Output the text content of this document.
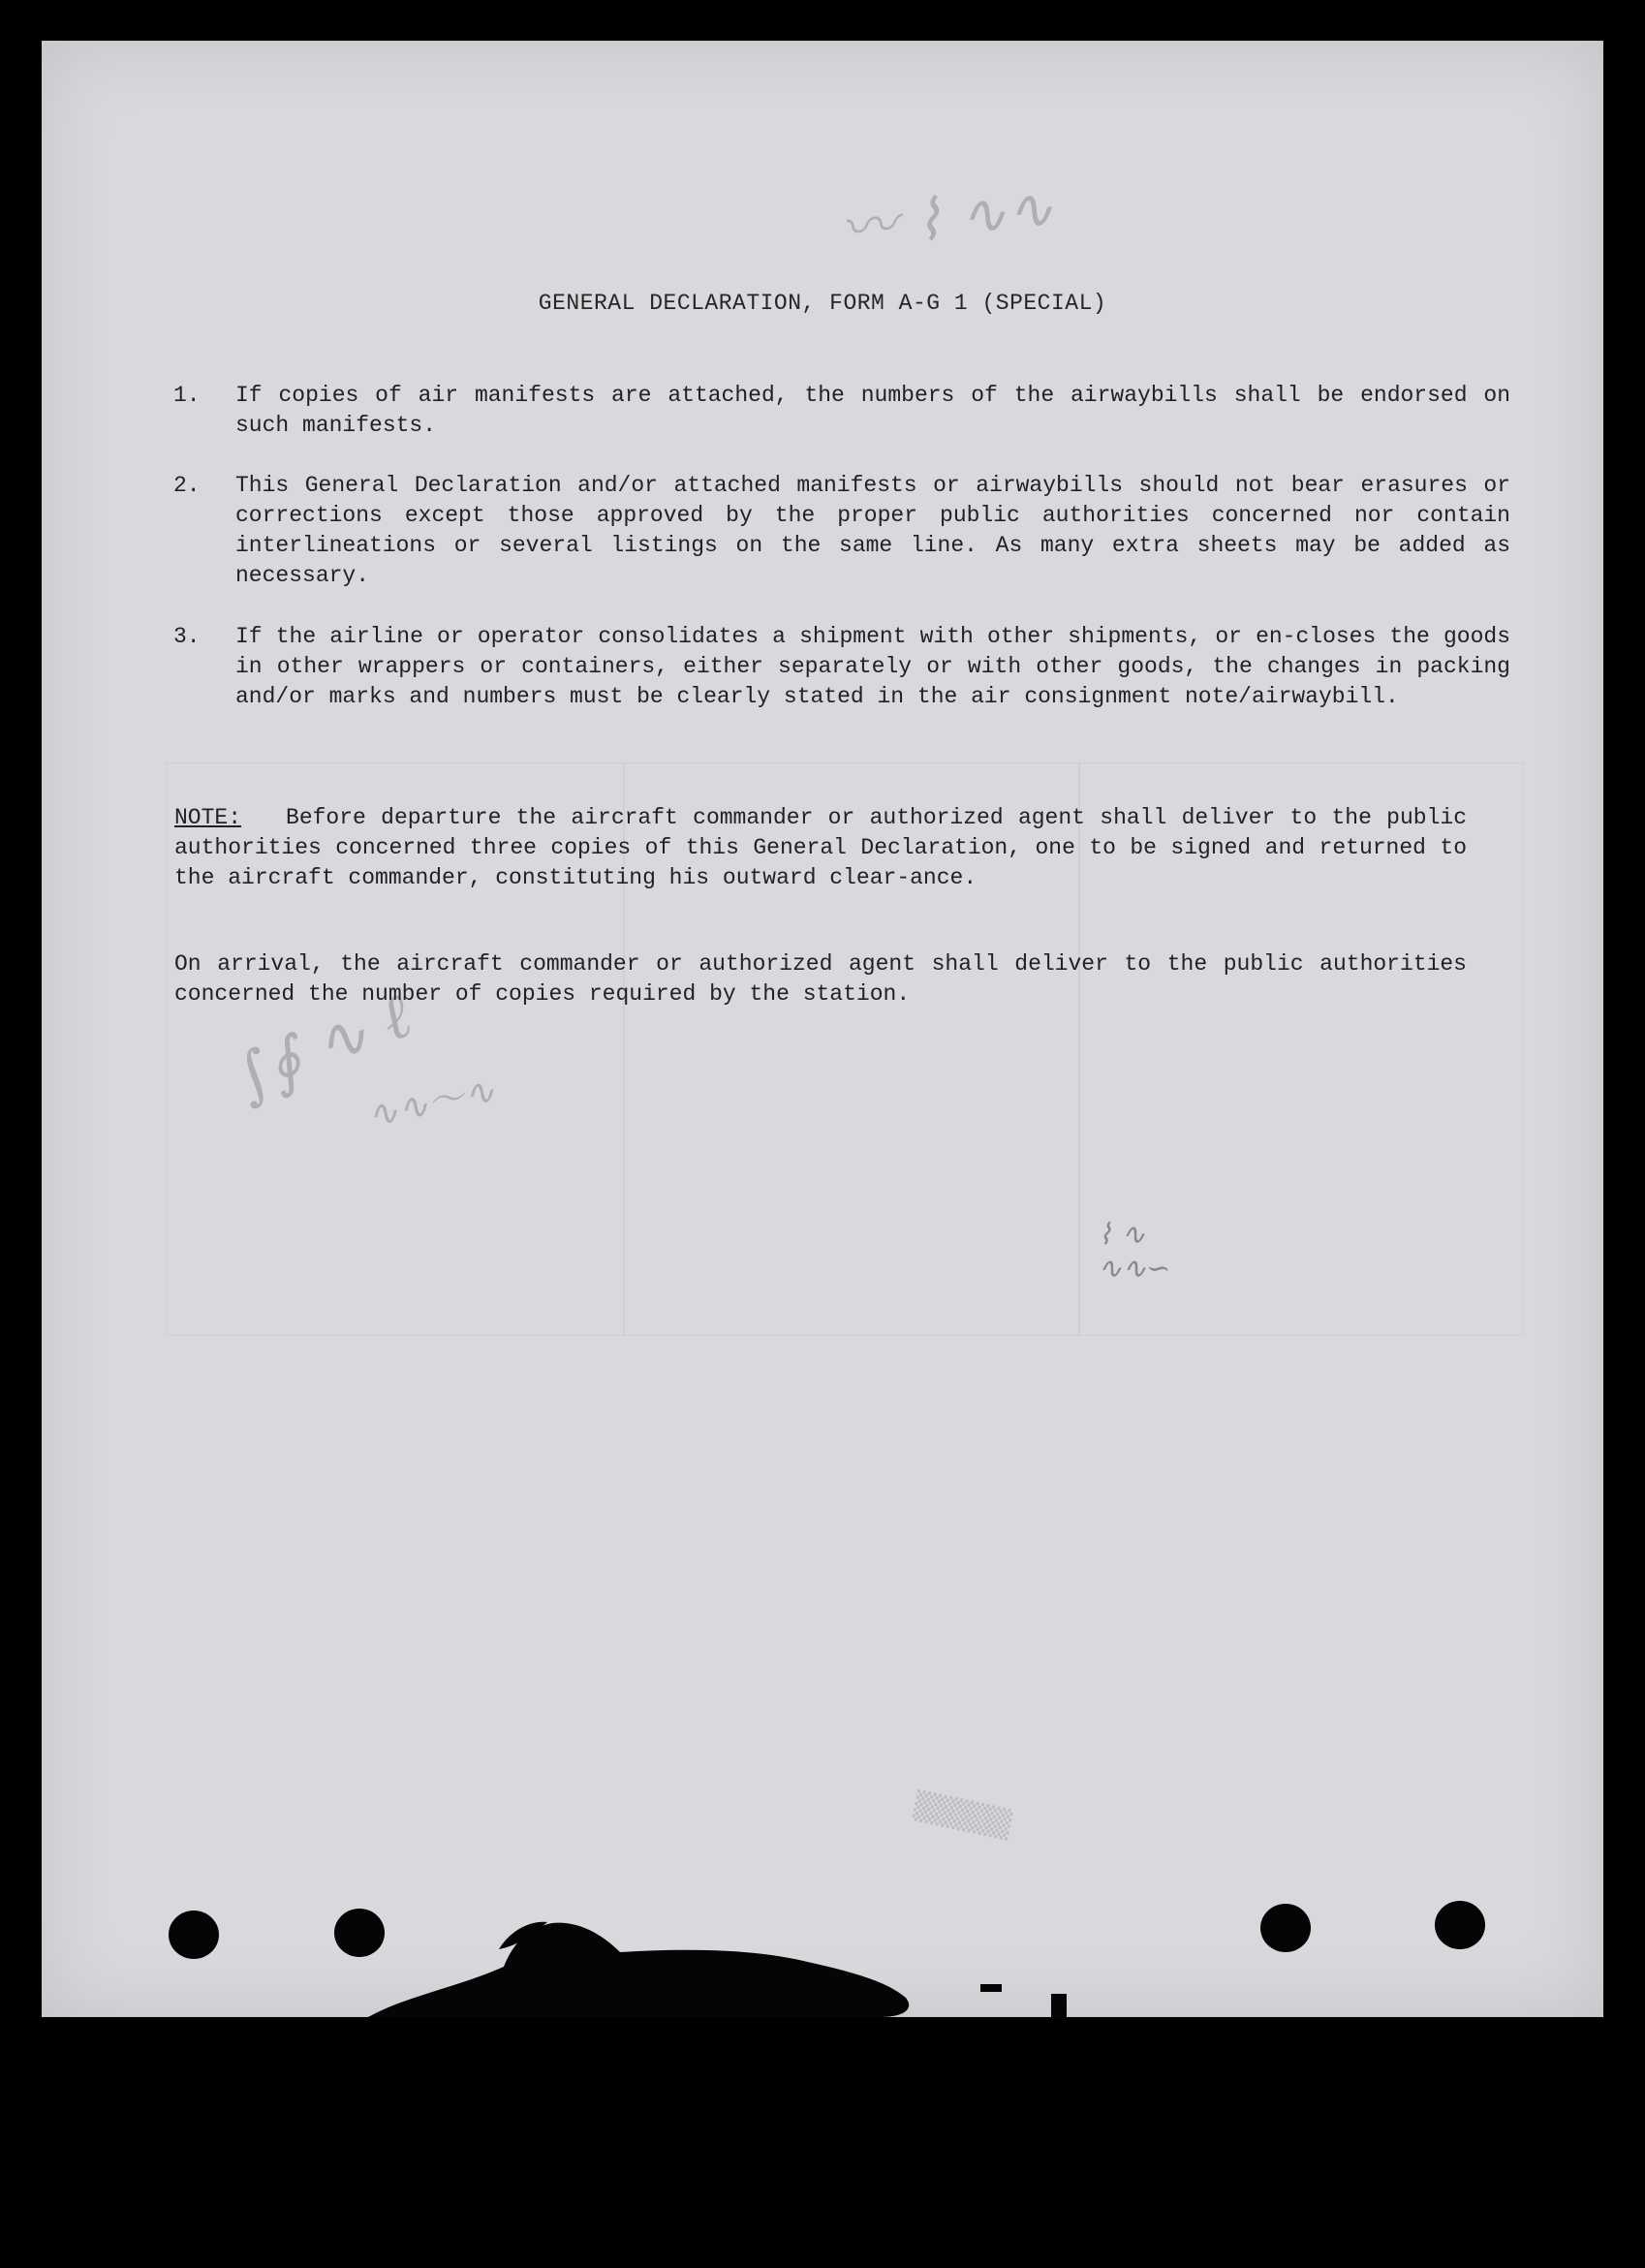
〰︎ ⌇ ∿∿
∫∮ ∿ ℓ
∿∿〜∿
⌇ ∿
∿∿∽
▒▒▒▒▒▒
GENERAL DECLARATION, FORM A-G 1 (SPECIAL)
1.	If copies of air manifests are attached, the numbers of the airwaybills shall be endorsed on such manifests.
2.	This General Declaration and/or attached manifests or airwaybills should not bear erasures or corrections except those approved by the proper public authorities concerned nor contain interlineations or several listings on the same line. As many extra sheets may be added as necessary.
3.	If the airline or operator consolidates a shipment with other shipments, or en-closes the goods in other wrappers or containers, either separately or with other goods, the changes in packing and/or marks and numbers must be clearly stated in the air consignment note/airwaybill.
NOTE: Before departure the aircraft commander or authorized agent shall deliver to the public authorities concerned three copies of this General Declaration, one to be signed and returned to the aircraft commander, constituting his outward clear-ance.
On arrival, the aircraft commander or authorized agent shall deliver to the public authorities concerned the number of copies required by the station.
